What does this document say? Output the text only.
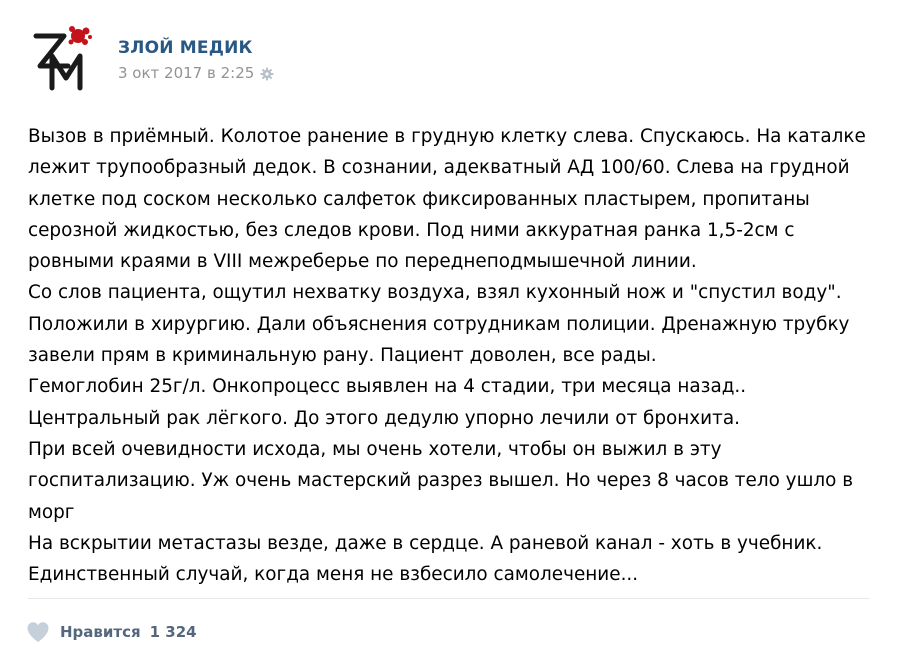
ЗЛОЙ МЕДИК
3 окт 2017 в 2:25
Вызов в приёмный. Колотое ранение в грудную клетку слева. Спускаюсь. На каталке
лежит трупообразный дедок. В сознании, адекватный АД 100/60. Слева на грудной
клетке под соском несколько салфеток фиксированных пластырем, пропитаны
серозной жидкостью, без следов крови. Под ними аккуратная ранка 1,5-2см с
ровными краями в VIII межреберье по переднеподмышечной линии.
Со слов пациента, ощутил нехватку воздуха, взял кухонный нож и "спустил воду".
Положили в хирургию. Дали объяснения сотрудникам полиции. Дренажную трубку
завели прям в криминальную рану. Пациент доволен, все рады.
Гемоглобин 25г/л. Онкопроцесс выявлен на 4 стадии, три месяца назад..
Центральный рак лёгкого. До этого дедулю упорно лечили от бронхита.
При всей очевидности исхода, мы очень хотели, чтобы он выжил в эту
госпитализацию. Уж очень мастерский разрез вышел. Но через 8 часов тело ушло в
морг
На вскрытии метастазы везде, даже в сердце. А раневой канал - хоть в учебник.
Единственный случай, когда меня не взбесило самолечение...
Нравится 1 324
